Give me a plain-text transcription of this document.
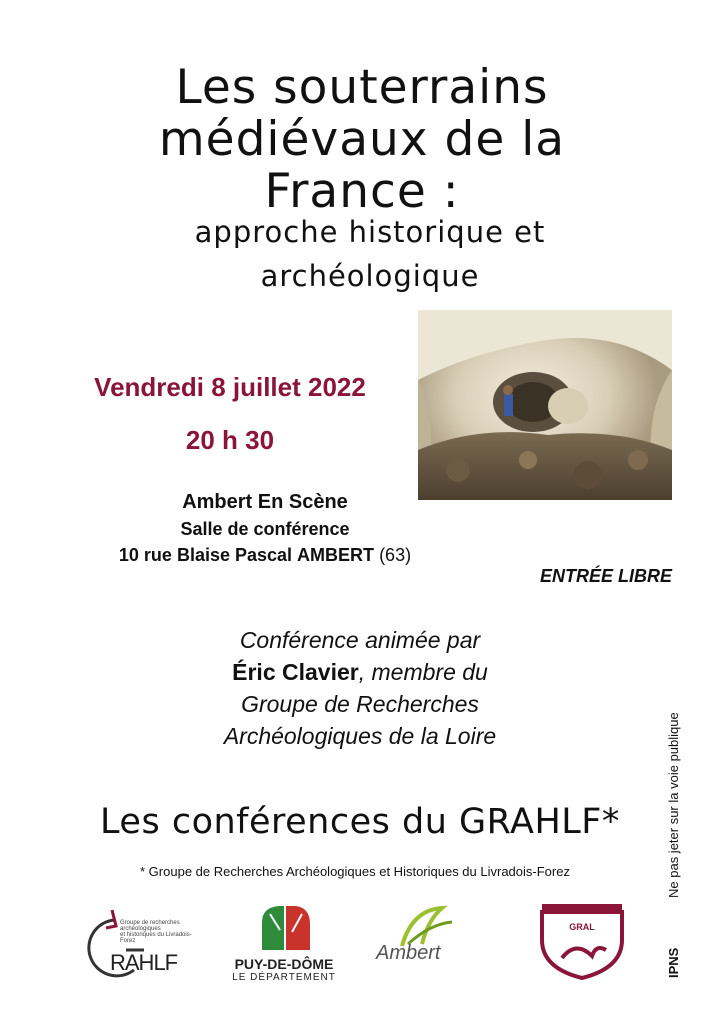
Les souterrains
médiévaux de la
France :
approche historique et
archéologique
Vendredi 8 juillet 2022
20 h 30
Ambert En Scène
Salle de conférence
10 rue Blaise Pascal AMBERT (63)
ENTRÉE LIBRE
Conférence animée par
Éric Clavier, membre du
Groupe de Recherches
Archéologiques de la Loire
Les conférences du GRAHLF*
* Groupe de Recherches Archéologiques et Historiques du Livradois-Forez	Ne pas jeter sur la voie publique
IPNS
Groupe de recherches archéologiques
et historiques du Livradois-Forez
RAHLF	PUY-DE-DÔME
LE DÉPARTEMENT
Ambert
GRAL
